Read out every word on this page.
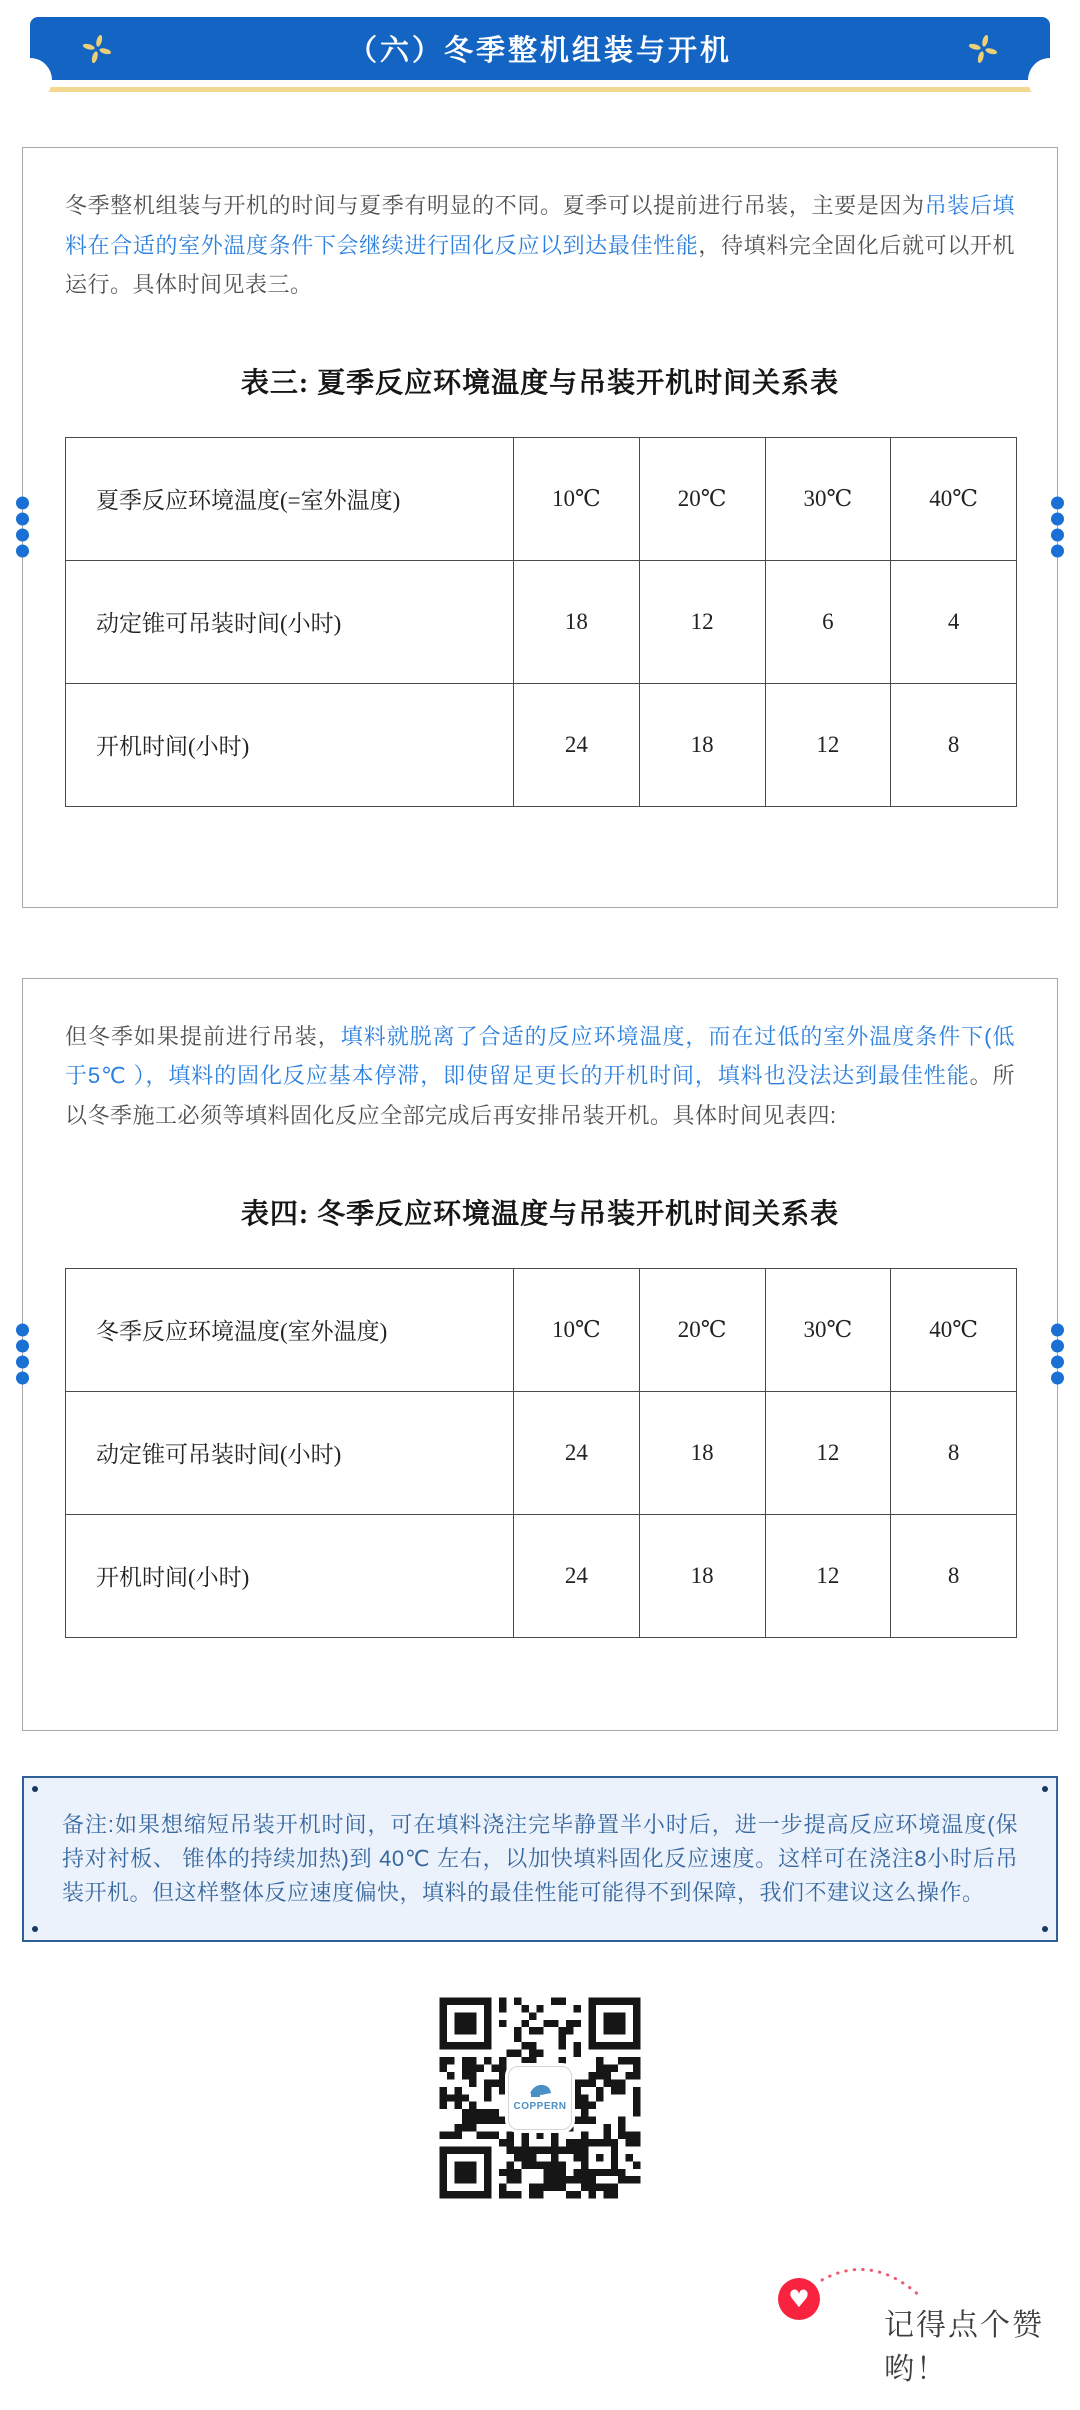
（六）冬季整机组装与开机

冬季整机组装与开机的时间与夏季有明显的不同。夏季可以提前进行吊装，主要是因为吊装后填料在合适的室外温度条件下会继续进行固化反应以到达最佳性能，待填料完全固化后就可以开机运行。具体时间见表三。

表三: 夏季反应环境温度与吊装开机时间关系表
夏季反应环境温度(=室外温度)	10℃	20℃	30℃	40℃
动定锥可吊装时间(小时)	18	12	6	4
开机时间(小时)	24	18	12	8

但冬季如果提前进行吊装，填料就脱离了合适的反应环境温度，而在过低的室外温度条件下(低于5℃ ），填料的固化反应基本停滞，即使留足更长的开机时间，填料也没法达到最佳性能。所以冬季施工必须等填料固化反应全部完成后再安排吊装开机。具体时间见表四:

表四: 冬季反应环境温度与吊装开机时间关系表
冬季反应环境温度(室外温度)	10℃	20℃	30℃	40℃
动定锥可吊装时间(小时)	24	18	12	8
开机时间(小时)	24	18	12	8

备注:如果想缩短吊装开机时间，可在填料浇注完毕静置半小时后，进一步提高反应环境温度(保持对衬板、 锥体的持续加热)到 40℃ 左右，以加快填料固化反应速度。这样可在浇注8小时后吊装开机。但这样整体反应速度偏快，填料的最佳性能可能得不到保障，我们不建议这么操作。

COPPERN
♥
记得点个赞哟！
